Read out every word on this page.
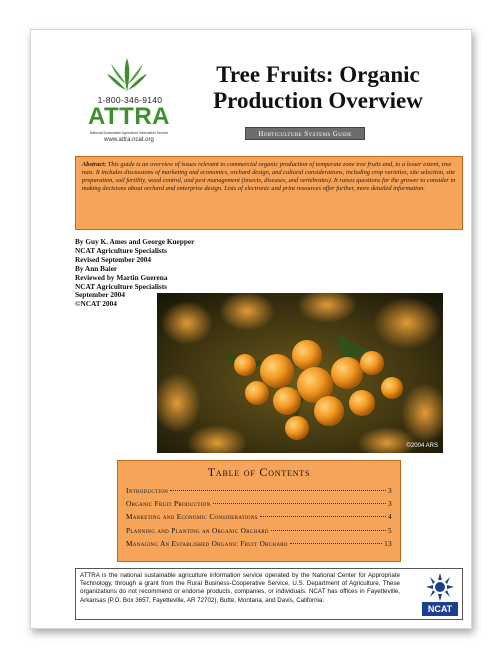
1-800-346-9140
ATTRA
National Sustainable Agriculture Information Service
www.attra.ncat.org
Tree Fruits: Organic Production Overview
Horticulture Systems Guide
Abstract: This guide is an overview of issues relevant to commercial organic production of temperate zone tree fruits and, to a lesser extent, tree nuts. It includes discussions of marketing and economics, orchard design, and cultural considerations, including crop varieties, site selection, site preparation, soil fertility, weed control, and pest management (insects, diseases, and vertebrates). It raises questions for the grower to consider in making decisions about orchard and enterprise design. Lists of electronic and print resources offer further, more detailed information.
By Guy K. Ames and George Kuepper
NCAT Agriculture Specialists
Revised September 2004
By Ann Baier
Reviewed by Martin Guerena
NCAT Agriculture Specialists
September 2004
©NCAT 2004
©2004 ARS
Table of Contents
Introduction	3
Organic Fruit Production	3
Marketing and Economic Considerations	4
Planning and Planting an Organic Orchard	5
Managing An Established Organic Fruit Orchard	13
ATTRA is the national sustainable agriculture information service operated by the National Center for Appropriate Technology, through a grant from the Rural Business-Cooperative Service, U.S. Department of Agriculture. These organizations do not recommend or endorse products, companies, or individuals. NCAT has offices in Fayetteville, Arkansas (P.O. Box 3657, Fayetteville, AR 72702), Butte, Montana, and Davis, California.
NCAT
